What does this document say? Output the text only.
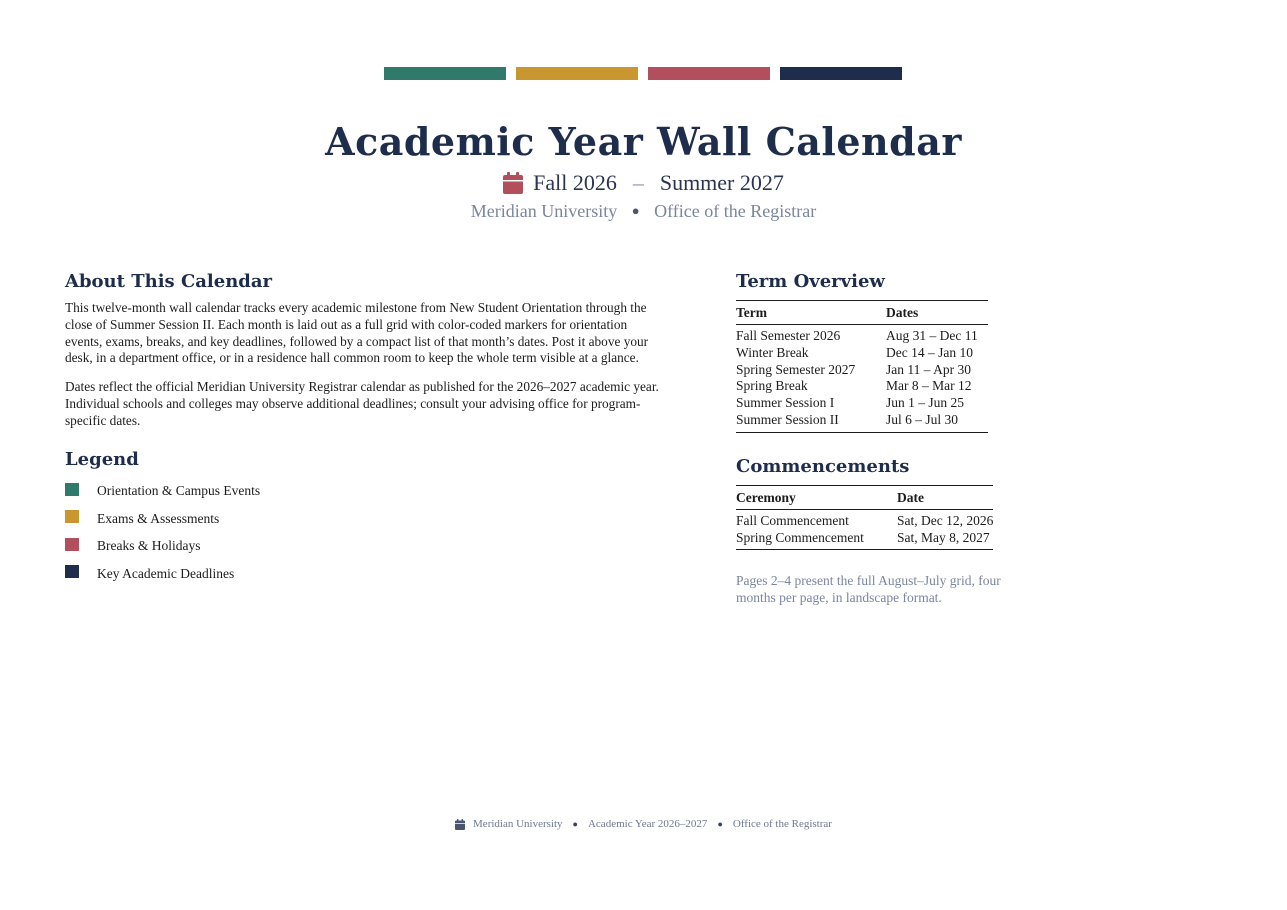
Academic Year Wall Calendar
Fall 2026 – Summer 2027
Meridian University ● Office of the Registrar
About This Calendar

This twelve-month wall calendar tracks every academic milestone from New Student Orientation through the close of Summer Session II. Each month is laid out as a full grid with color-coded markers for orientation events, exams, breaks, and key deadlines, followed by a compact list of that month’s dates. Post it above your desk, in a department office, or in a residence hall common room to keep the whole term visible at a glance.

Dates reflect the official Meridian University Registrar calendar as published for the 2026–2027 academic year. Individual schools and colleges may observe additional deadlines; consult your advising office for program-specific dates.

Legend
Orientation & Campus Events
Exams & Assessments
Breaks & Holidays
Key Academic Deadlines
Term Overview
Term	Dates
Fall Semester 2026	Aug 31 – Dec 11
Winter Break	Dec 14 – Jan 10
Spring Semester 2027	Jan 11 – Apr 30
Spring Break	Mar 8 – Mar 12
Summer Session I	Jun 1 – Jun 25
Summer Session II	Jul 6 – Jul 30
Commencements
Ceremony	Date
Fall Commencement	Sat, Dec 12, 2026
Spring Commencement	Sat, May 8, 2027
Pages 2–4 present the full August–July grid, four months per page, in landscape format.
Meridian University ● Academic Year 2026–2027 ● Office of the Registrar
